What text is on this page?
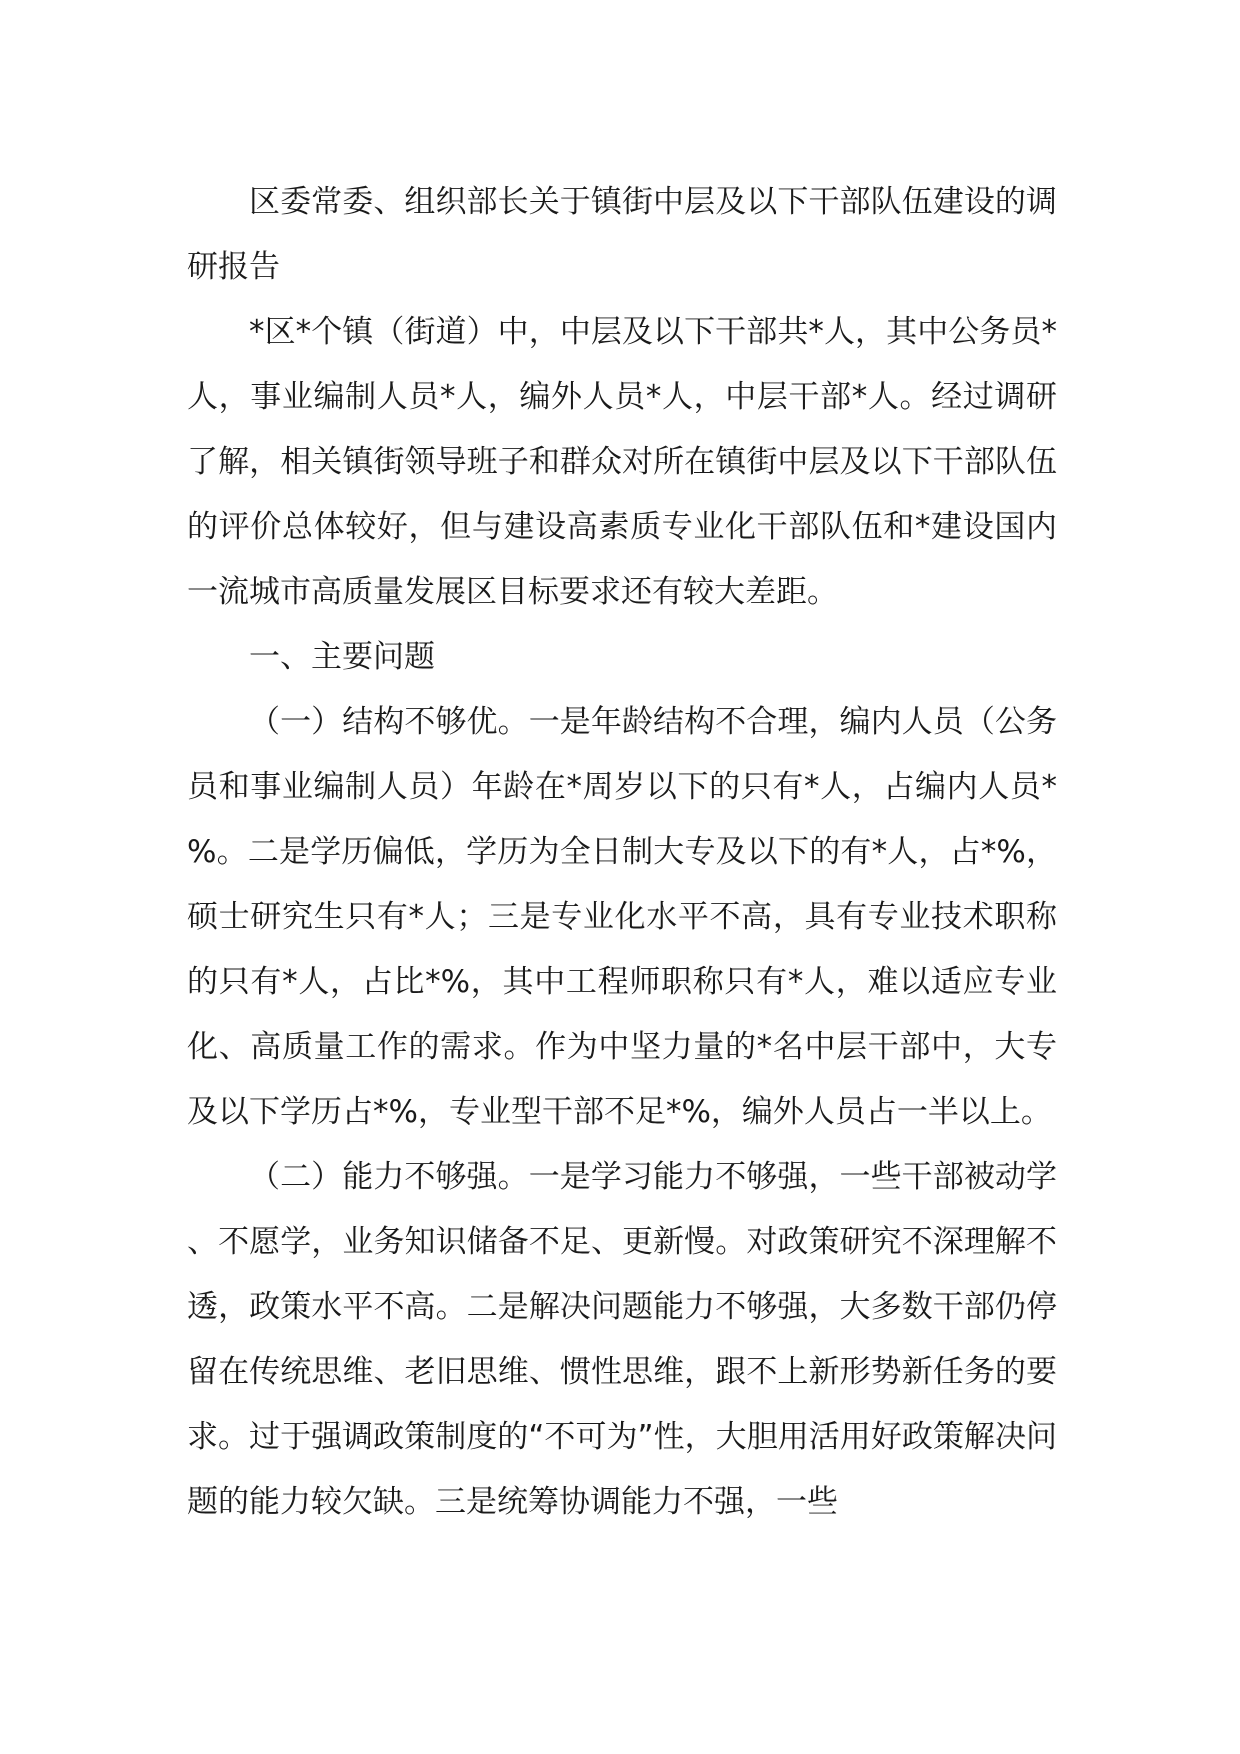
区委常委、组织部长关于镇街中层及以下干部队伍建设的调研报告

*区*个镇（街道）中，中层及以下干部共*人，其中公务员*人，事业编制人员*人，编外人员*人，中层干部*人。经过调研了解，相关镇街领导班子和群众对所在镇街中层及以下干部队伍的评价总体较好，但与建设高素质专业化干部队伍和*建设国内一流城市高质量发展区目标要求还有较大差距。

一、主要问题

（一）结构不够优。一是年龄结构不合理，编内人员（公务员和事业编制人员）年龄在*周岁以下的只有*人，占编内人员*%。二是学历偏低，学历为全日制大专及以下的有*人，占*%，硕士研究生只有*人；三是专业化水平不高，具有专业技术职称的只有*人，占比*%，其中工程师职称只有*人，难以适应专业化、高质量工作的需求。作为中坚力量的*名中层干部中，大专及以下学历占*%，专业型干部不足*%，编外人员占一半以上。

（二）能力不够强。一是学习能力不够强，一些干部被动学、不愿学，业务知识储备不足、更新慢。对政策研究不深理解不透，政策水平不高。二是解决问题能力不够强，大多数干部仍停留在传统思维、老旧思维、惯性思维，跟不上新形势新任务的要求。过于强调政策制度的“不可为”性，大胆用活用好政策解决问题的能力较欠缺。三是统筹协调能力不强，一些
